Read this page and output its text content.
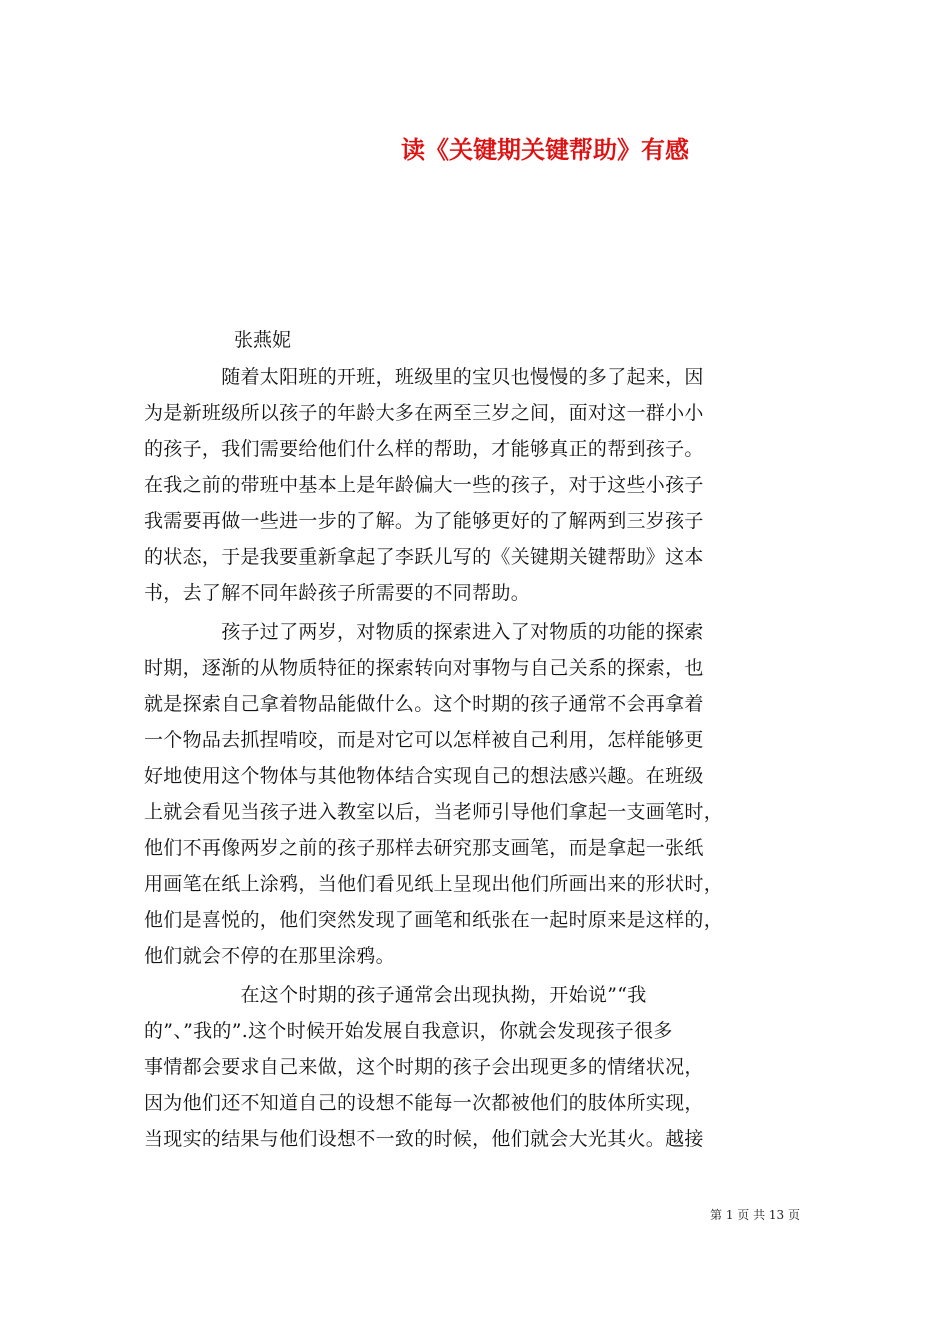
读《关键期关键帮助》有感
张燕妮
　　　　随着太阳班的开班，班级里的宝贝也慢慢的多了起来，因
为是新班级所以孩子的年龄大多在两至三岁之间，面对这一群小小
的孩子，我们需要给他们什么样的帮助，才能够真正的帮到孩子。
在我之前的带班中基本上是年龄偏大一些的孩子，对于这些小孩子
我需要再做一些进一步的了解。为了能够更好的了解两到三岁孩子
的状态，于是我要重新拿起了李跃儿写的《关键期关键帮助》这本
书，去了解不同年龄孩子所需要的不同帮助。
　　　　孩子过了两岁，对物质的探索进入了对物质的功能的探索
时期，逐渐的从物质特征的探索转向对事物与自己关系的探索，也
就是探索自己拿着物品能做什么。这个时期的孩子通常不会再拿着
一个物品去抓捏啃咬，而是对它可以怎样被自己利用，怎样能够更
好地使用这个物体与其他物体结合实现自己的想法感兴趣。在班级
上就会看见当孩子进入教室以后，当老师引导他们拿起一支画笔时，
他们不再像两岁之前的孩子那样去研究那支画笔，而是拿起一张纸
用画笔在纸上涂鸦，当他们看见纸上呈现出他们所画出来的形状时，
他们是喜悦的，他们突然发现了画笔和纸张在一起时原来是这样的，
他们就会不停的在那里涂鸦。
　　　　　在这个时期的孩子通常会出现执拗，开始说”“我
的”、”我的”.这个时候开始发展自我意识，你就会发现孩子很多
事情都会要求自己来做，这个时期的孩子会出现更多的情绪状况，
因为他们还不知道自己的设想不能每一次都被他们的肢体所实现，
当现实的结果与他们设想不一致的时候，他们就会大光其火。越接
第 1 页 共 13 页
